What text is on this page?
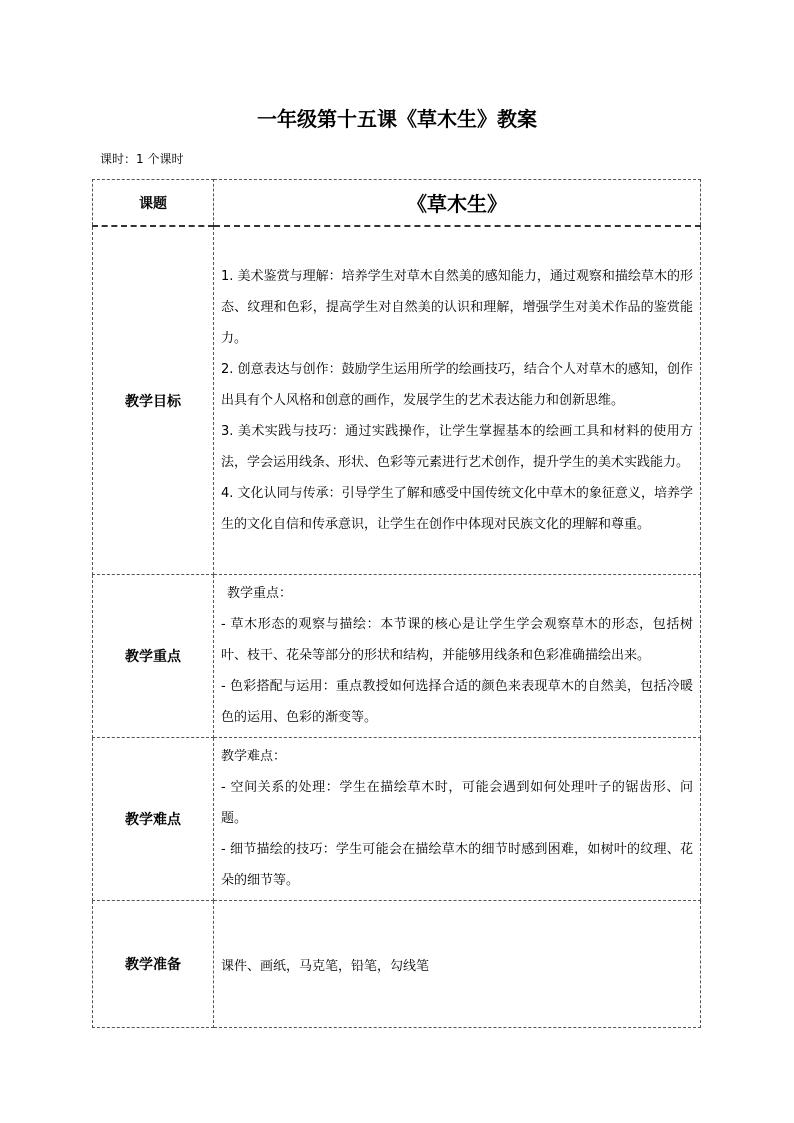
一年级第十五课《草木生》教案
课时：1 个课时
课题	《草木生》
教学目标	1. 美术鉴赏与理解：培养学生对草木自然美的感知能力，通过观察和描绘草木的形态、纹理和色彩，提高学生对自然美的认识和理解，增强学生对美术作品的鉴赏能力。

2. 创意表达与创作：鼓励学生运用所学的绘画技巧，结合个人对草木的感知，创作出具有个人风格和创意的画作，发展学生的艺术表达能力和创新思维。

3. 美术实践与技巧：通过实践操作，让学生掌握基本的绘画工具和材料的使用方法，学会运用线条、形状、色彩等元素进行艺术创作，提升学生的美术实践能力。

4. 文化认同与传承：引导学生了解和感受中国传统文化中草木的象征意义，培养学生的文化自信和传承意识，让学生在创作中体现对民族文化的理解和尊重。

教学重点	教学重点：

- 草木形态的观察与描绘：本节课的核心是让学生学会观察草木的形态，包括树叶、枝干、花朵等部分的形状和结构，并能够用线条和色彩准确描绘出来。

- 色彩搭配与运用：重点教授如何选择合适的颜色来表现草木的自然美，包括冷暖色的运用、色彩的渐变等。

教学难点	教学难点：

- 空间关系的处理：学生在描绘草木时，可能会遇到如何处理叶子的锯齿形、问题。

- 细节描绘的技巧：学生可能会在描绘草木的细节时感到困难，如树叶的纹理、花朵的细节等。

教学准备	课件、画纸，马克笔，铅笔，勾线笔
